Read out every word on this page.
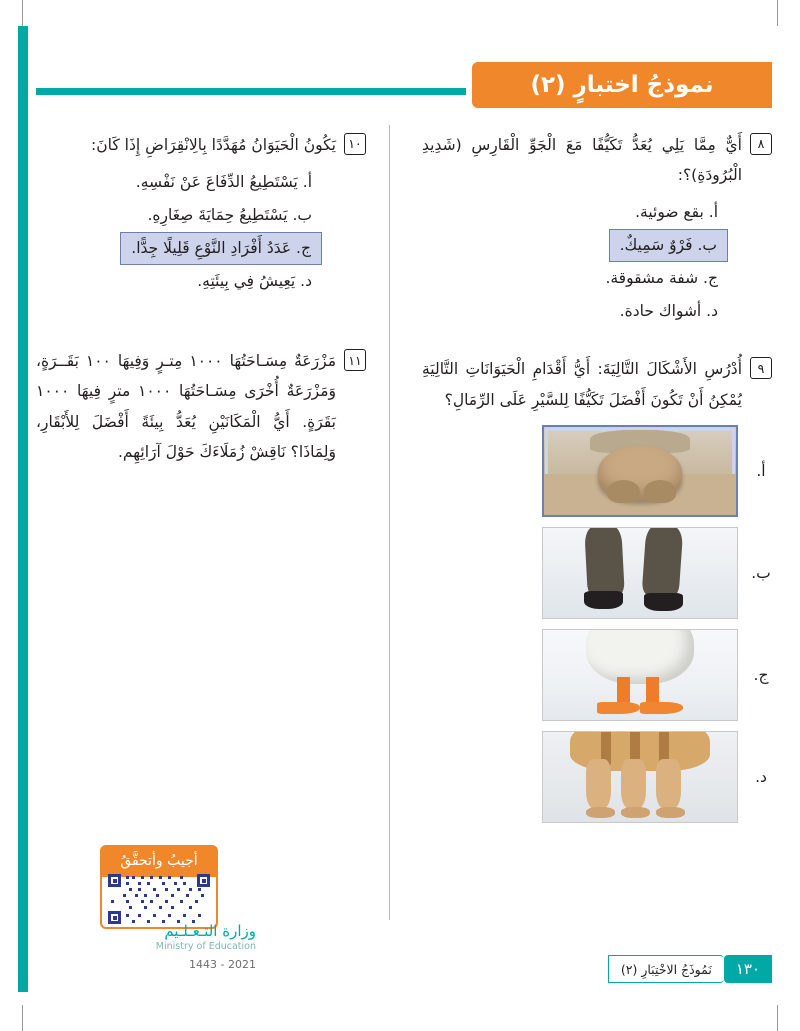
نموذجُ اختبارٍ (٢)
٨
أَيٌّ مِمَّا يَلِي يُعَدُّ تَكَيُّفًا مَعَ الْجَوِّ الْقَارِسِ (شَدِيدِ الْبُرُودَةِ)؟:
أ. بقع ضوئية.
ب. فَرْوٌ سَمِيكٌ.
ج. شفة مشقوقة.
د. أشواك حادة.
٩
أُدْرُسِ الأَشْكَالَ التَّالِيَةَ: أَيُّ أَقْدَامِ الْحَيَوَانَاتِ التَّالِيَةِ يُمْكِنُ أَنْ تَكُونَ أَفْضَلَ تَكَيُّفًا لِلسَّيْرِ عَلَى الرِّمَالِ؟
أ.
ب.
ج.
د.
١٠
يَكُونُ الْحَيَوَانُ مُهَدَّدًا بِالِانْقِرَاضِ إِذَا كَانَ:
أ. يَسْتَطِيعُ الدِّفَاعَ عَنْ نَفْسِهِ.
ب. يَسْتَطِيعُ حِمَايَةَ صِغَارِهِ.
ج. عَدَدُ أَفْرَادِ النَّوْعِ قَلِيلًا جِدًّا.
د. يَعِيشُ فِي بِيئَتِهِ.
١١
مَزْرَعَةٌ مِسَـاحَتُهَا ١٠٠٠ مِتـرٍ وَفِيهَا ١٠٠ بَقَــرَةٍ، وَمَزْرَعَةٌ أُخْرَى مِسَـاحَتُهَا ١٠٠٠ مترٍ فِيهَا ١٠٠٠ بَقَرَةٍ. أَيُّ الْمَكَانَيْنِ يُعَدُّ بِيئَةً أَفْضَلَ لِلأَبْقَارِ، وَلِمَاذَا؟ نَاقِشْ زُمَلَاءَكَ حَوْلَ آرَائِهِم.
أجيبُ وأتحقَّقُ
وزارة التـعـلـيم
Ministry of Education
2021 - 1443	١٣٠
نَمُوذَجُ الاخْتِبَارِ (٢)
